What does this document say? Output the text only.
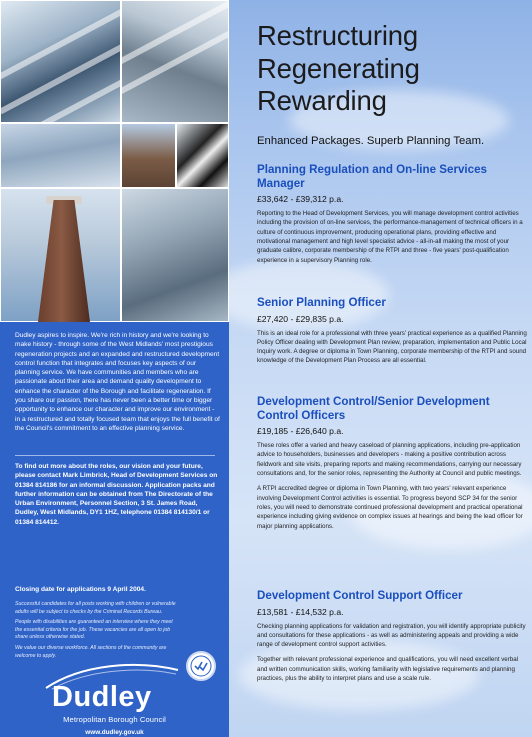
Dudley aspires to inspire. We're rich in history and we're looking to make history - through some of the West Midlands' most prestigious regeneration projects and an expanded and restructured development control function that integrates and focuses key aspects of our planning service. We have communities and members who are passionate about their area and demand quality development to enhance the character of the Borough and facilitate regeneration. If you share our passion, there has never been a better time or bigger opportunity to enhance our character and improve our environment - in a restructured and totally focused team that enjoys the full benefit of the Council's commitment to an effective planning service.

To find out more about the roles, our vision and your future, please contact Mark Limbrick, Head of Development Services on 01384 814186 for an informal discussion. Application packs and further information can be obtained from The Directorate of the Urban Environment, Personnel Section, 3 St. James Road, Dudley, West Midlands, DY1 1HZ, telephone 01384 814130/1 or 01384 814412.

Closing date for applications 9 April 2004.

Successful candidates for all posts working with children or vulnerable adults will be subject to checks by the Criminal Records Bureau.

People with disabilities are guaranteed an interview where they meet the essential criteria for the job. These vacancies are all open to job share unless otherwise stated.

We value our diverse workforce. All sections of the community are welcome to apply.

Dudley
Metropolitan Borough Council
www.dudley.gov.uk
Restructuring
Regenerating
Rewarding
Enhanced Packages. Superb Planning Team.
Planning Regulation and On-line Services Manager
£33,642 - £39,312 p.a.

Reporting to the Head of Development Services, you will manage development control activities including the provision of on-line services, the performance-management of technical officers in a culture of continuous improvement, producing operational plans, providing effective and motivational management and high level specialist advice - all-in-all making the most of your graduate calibre, corporate membership of the RTPI and three - five years' post-qualification experience in a supervisory Planning role.

Senior Planning Officer
£27,420 - £29,835 p.a.

This is an ideal role for a professional with three years' practical experience as a qualified Planning Policy Officer dealing with Development Plan review, preparation, implementation and Public Local Inquiry work. A degree or diploma in Town Planning, corporate membership of the RTPI and sound knowledge of the Development Plan Process are all essential.

Development Control/Senior Development Control Officers
£19,185 - £26,640 p.a.

These roles offer a varied and heavy caseload of planning applications, including pre-application advice to householders, businesses and developers - making a positive contribution across fieldwork and site visits, preparing reports and making recommendations, carrying our necessary consultations and, for the senior roles, representing the Authority at Council and public meetings.

A RTPI accredited degree or diploma in Town Planning, with two years' relevant experience involving Development Control activities is essential. To progress beyond SCP 34 for the senior roles, you will need to demonstrate continued professional development and practical operational experience including giving evidence on complex issues at hearings and being the lead officer for major planning applications.

Development Control Support Officer
£13,581 - £14,532 p.a.

Checking planning applications for validation and registration, you will identify appropriate publicity and consultations for these applications - as well as administering appeals and providing a wide range of development control support activities.

Together with relevant professional experience and qualifications, you will need excellent verbal and written communication skills, working familiarity with legislative requirements and planning practices, plus the ability to interpret plans and use a scale rule.
